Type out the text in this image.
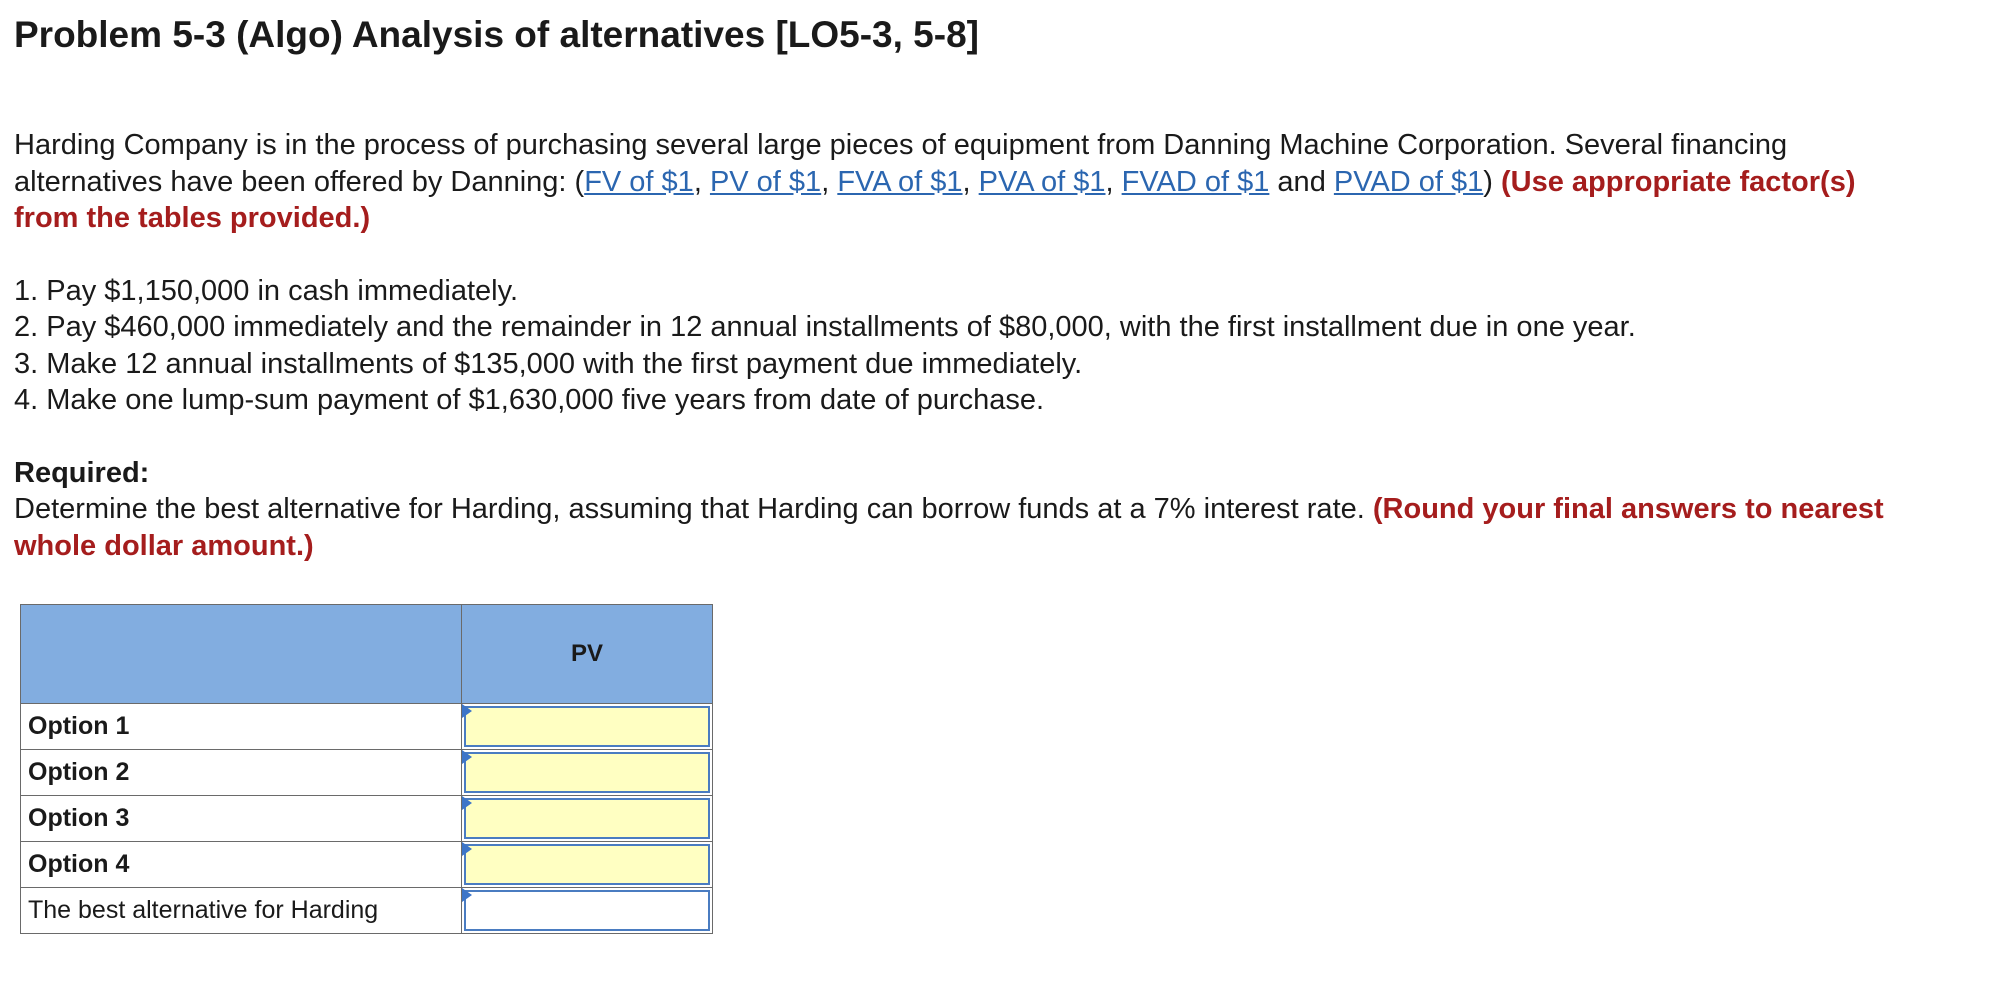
Problem 5-3 (Algo) Analysis of alternatives [LO5-3, 5-8]

Harding Company is in the process of purchasing several large pieces of equipment from Danning Machine Corporation. Several financing alternatives have been offered by Danning: (FV of $1, PV of $1, FVA of $1, PVA of $1, FVAD of $1 and PVAD of $1) (Use appropriate factor(s) from the tables provided.)

1. Pay $1,150,000 in cash immediately.
2. Pay $460,000 immediately and the remainder in 12 annual installments of $80,000, with the first installment due in one year.
3. Make 12 annual installments of $135,000 with the first payment due immediately.
4. Make one lump-sum payment of $1,630,000 five years from date of purchase.

Required:
Determine the best alternative for Harding, assuming that Harding can borrow funds at a 7% interest rate. (Round your final answers to nearest whole dollar amount.)

	PV
Option 1	

Option 2	

Option 3	

Option 4	

The best alternative for Harding	
